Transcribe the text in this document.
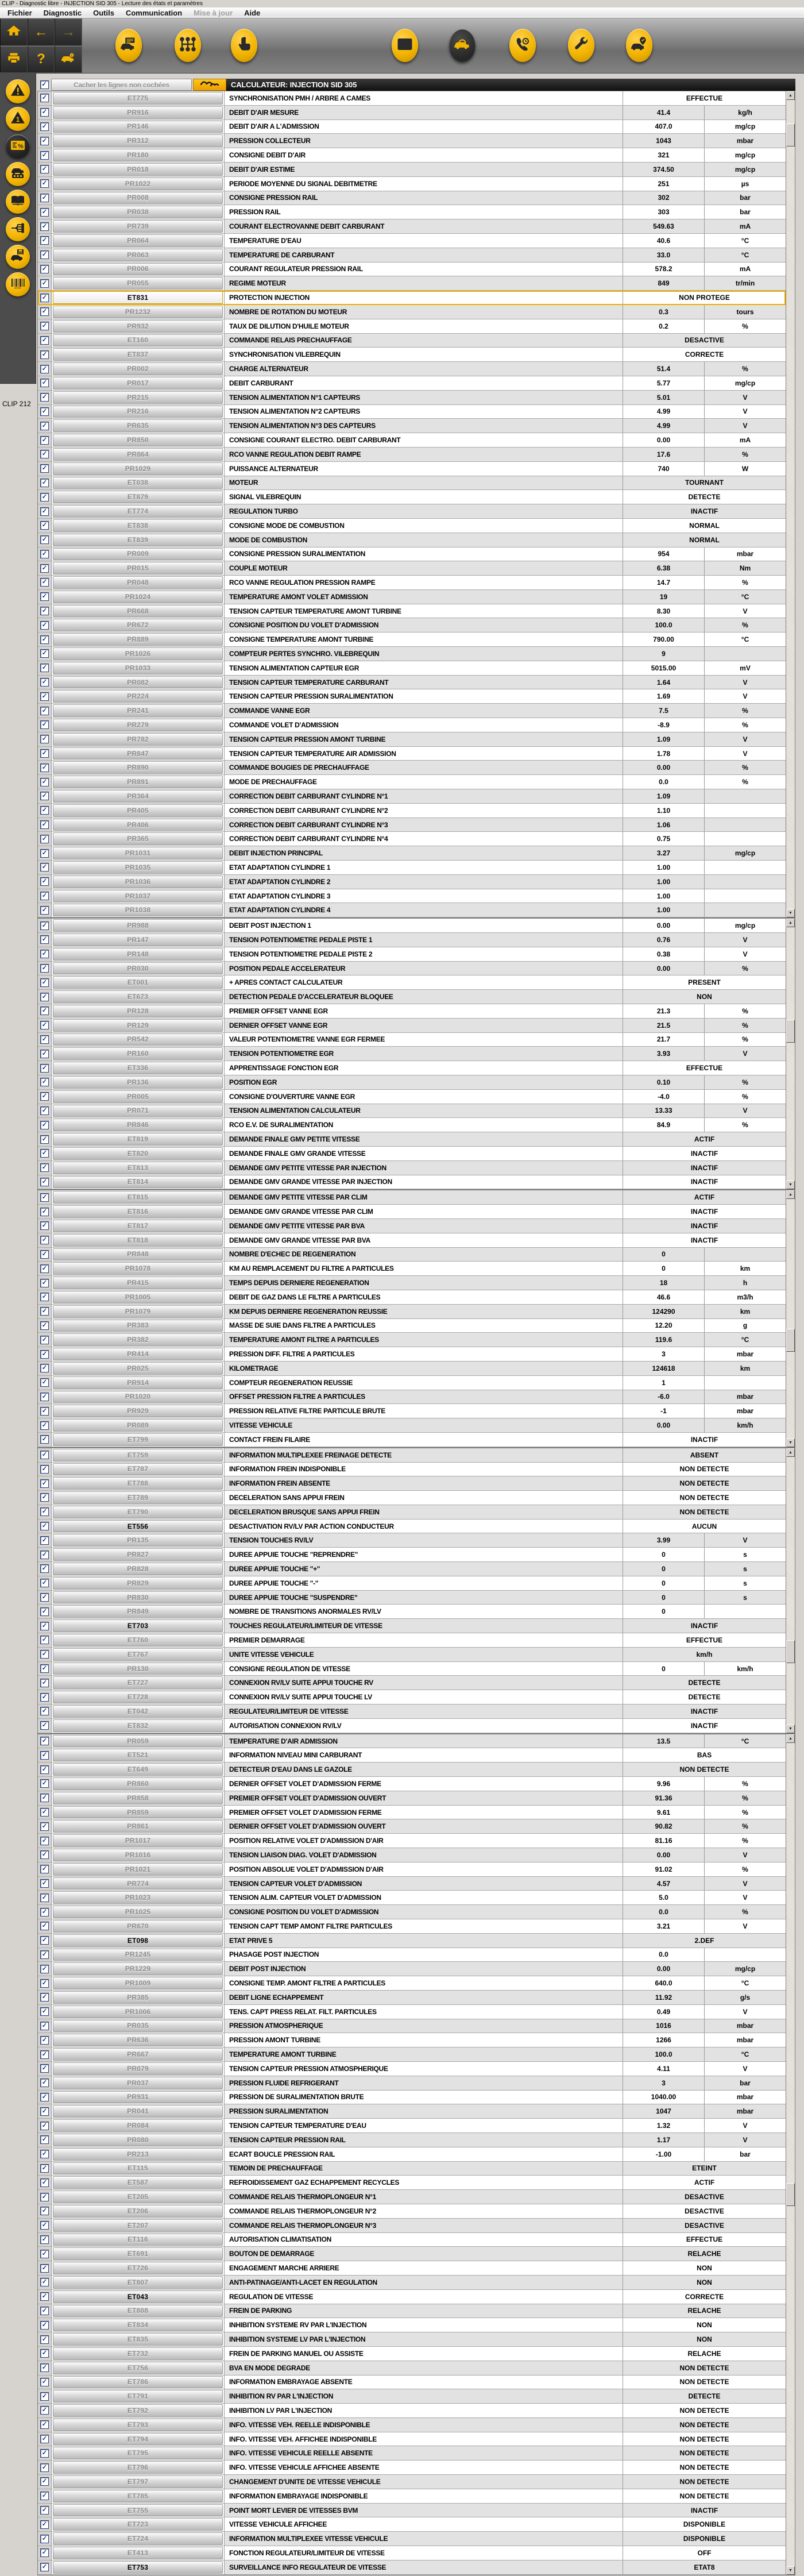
CLIP - Diagnostic libre - INJECTION SID 305 - Lecture des états et paramètres
Fichier	Diagnostic	Outils	Communication	Mise à jour	Aide
← →
?	i
1
%
887682
CLIP 212
✓	Cacher les lignes non cochées	CALCULATEUR: INJECTION SID 305
✓	ET775	SYNCHRONISATION PMH / ARBRE A CAMES	EFFECTUE
✓	PR916	DEBIT D'AIR MESURE	41.4	kg/h
✓	PR146	DEBIT D'AIR A L'ADMISSION	407.0	mg/cp
✓	PR312	PRESSION COLLECTEUR	1043	mbar
✓	PR180	CONSIGNE DEBIT D'AIR	321	mg/cp
✓	PR018	DEBIT D'AIR ESTIME	374.50	mg/cp
✓	PR1022	PERIODE MOYENNE DU SIGNAL DEBITMETRE	251	µs
✓	PR008	CONSIGNE PRESSION RAIL	302	bar
✓	PR038	PRESSION RAIL	303	bar
✓	PR739	COURANT ELECTROVANNE DEBIT CARBURANT	549.63	mA
✓	PR064	TEMPERATURE D'EAU	40.6	°C
✓	PR063	TEMPERATURE DE CARBURANT	33.0	°C
✓	PR006	COURANT REGULATEUR PRESSION RAIL	578.2	mA
✓	PR055	REGIME MOTEUR	849	tr/min
✓	ET831	PROTECTION INJECTION	NON PROTEGE
✓	PR1232	NOMBRE DE ROTATION DU MOTEUR	0.3	tours
✓	PR932	TAUX DE DILUTION D'HUILE MOTEUR	0.2	%
✓	ET160	COMMANDE RELAIS PRECHAUFFAGE	DESACTIVE
✓	ET837	SYNCHRONISATION VILEBREQUIN	CORRECTE
✓	PR002	CHARGE ALTERNATEUR	51.4	%
✓	PR017	DEBIT CARBURANT	5.77	mg/cp
✓	PR215	TENSION ALIMENTATION N°1 CAPTEURS	5.01	V
✓	PR216	TENSION ALIMENTATION N°2 CAPTEURS	4.99	V
✓	PR635	TENSION ALIMENTATION N°3 DES CAPTEURS	4.99	V
✓	PR850	CONSIGNE COURANT ELECTRO. DEBIT CARBURANT	0.00	mA
✓	PR864	RCO VANNE REGULATION DEBIT RAMPE	17.6	%
✓	PR1029	PUISSANCE ALTERNATEUR	740	W
✓	ET038	MOTEUR	TOURNANT
✓	ET879	SIGNAL VILEBREQUIN	DETECTE
✓	ET774	REGULATION TURBO	INACTIF
✓	ET838	CONSIGNE MODE DE COMBUSTION	NORMAL
✓	ET839	MODE DE COMBUSTION	NORMAL
✓	PR009	CONSIGNE PRESSION SURALIMENTATION	954	mbar
✓	PR015	COUPLE MOTEUR	6.38	Nm
✓	PR048	RCO VANNE REGULATION PRESSION RAMPE	14.7	%
✓	PR1024	TEMPERATURE AMONT VOLET ADMISSION	19	°C
✓	PR668	TENSION CAPTEUR TEMPERATURE AMONT TURBINE	8.30	V
✓	PR672	CONSIGNE POSITION DU VOLET D'ADMISSION	100.0	%
✓	PR889	CONSIGNE TEMPERATURE AMONT TURBINE	790.00	°C
✓	PR1026	COMPTEUR PERTES SYNCHRO. VILEBREQUIN	9
✓	PR1033	TENSION ALIMENTATION CAPTEUR EGR	5015.00	mV
✓	PR082	TENSION CAPTEUR TEMPERATURE CARBURANT	1.64	V
✓	PR224	TENSION CAPTEUR PRESSION SURALIMENTATION	1.69	V
✓	PR241	COMMANDE VANNE EGR	7.5	%
✓	PR279	COMMANDE VOLET D'ADMISSION	-8.9	%
✓	PR782	TENSION CAPTEUR PRESSION AMONT TURBINE	1.09	V
✓	PR847	TENSION CAPTEUR TEMPERATURE AIR ADMISSION	1.78	V
✓	PR890	COMMANDE BOUGIES DE PRECHAUFFAGE	0.00	%
✓	PR891	MODE DE PRECHAUFFAGE	0.0	%
✓	PR364	CORRECTION DEBIT CARBURANT CYLINDRE N°1	1.09
✓	PR405	CORRECTION DEBIT CARBURANT CYLINDRE N°2	1.10
✓	PR406	CORRECTION DEBIT CARBURANT CYLINDRE N°3	1.06
✓	PR365	CORRECTION DEBIT CARBURANT CYLINDRE N°4	0.75
✓	PR1031	DEBIT INJECTION PRINCIPAL	3.27	mg/cp
✓	PR1035	ETAT ADAPTATION CYLINDRE 1	1.00
✓	PR1036	ETAT ADAPTATION CYLINDRE 2	1.00
✓	PR1037	ETAT ADAPTATION CYLINDRE 3	1.00
✓	PR1038	ETAT ADAPTATION CYLINDRE 4	1.00
▲
▼
✓	PR988	DEBIT POST INJECTION 1	0.00	mg/cp
✓	PR147	TENSION POTENTIOMETRE PEDALE PISTE 1	0.76	V
✓	PR148	TENSION POTENTIOMETRE PEDALE PISTE 2	0.38	V
✓	PR030	POSITION PEDALE ACCELERATEUR	0.00	%
✓	ET001	+ APRES CONTACT CALCULATEUR	PRESENT
✓	ET673	DETECTION PEDALE D'ACCELERATEUR BLOQUEE	NON
✓	PR128	PREMIER OFFSET VANNE EGR	21.3	%
✓	PR129	DERNIER OFFSET VANNE EGR	21.5	%
✓	PR542	VALEUR POTENTIOMETRE VANNE EGR FERMEE	21.7	%
✓	PR160	TENSION POTENTIOMETRE EGR	3.93	V
✓	ET336	APPRENTISSAGE FONCTION EGR	EFFECTUE
✓	PR136	POSITION EGR	0.10	%
✓	PR005	CONSIGNE D'OUVERTURE VANNE EGR	-4.0	%
✓	PR071	TENSION ALIMENTATION CALCULATEUR	13.33	V
✓	PR846	RCO E.V. DE SURALIMENTATION	84.9	%
✓	ET819	DEMANDE FINALE GMV PETITE VITESSE	ACTIF
✓	ET820	DEMANDE FINALE GMV GRANDE VITESSE	INACTIF
✓	ET813	DEMANDE GMV PETITE VITESSE PAR INJECTION	INACTIF
✓	ET814	DEMANDE GMV GRANDE VITESSE PAR INJECTION	INACTIF
▲
▼
✓	ET815	DEMANDE GMV PETITE VITESSE PAR CLIM	ACTIF
✓	ET816	DEMANDE GMV GRANDE VITESSE PAR CLIM	INACTIF
✓	ET817	DEMANDE GMV PETITE VITESSE PAR BVA	INACTIF
✓	ET818	DEMANDE GMV GRANDE VITESSE PAR BVA	INACTIF
✓	PR848	NOMBRE D'ECHEC DE REGENERATION	0
✓	PR1078	KM AU REMPLACEMENT DU FILTRE A PARTICULES	0	km
✓	PR415	TEMPS DEPUIS DERNIERE REGENERATION	18	h
✓	PR1005	DEBIT DE GAZ DANS LE FILTRE A PARTICULES	46.6	m3/h
✓	PR1079	KM DEPUIS DERNIERE REGENERATION REUSSIE	124290	km
✓	PR383	MASSE DE SUIE DANS FILTRE A PARTICULES	12.20	g
✓	PR382	TEMPERATURE AMONT FILTRE A PARTICULES	119.6	°C
✓	PR414	PRESSION DIFF. FILTRE A PARTICULES	3	mbar
✓	PR025	KILOMETRAGE	124618	km
✓	PR914	COMPTEUR REGENERATION REUSSIE	1
✓	PR1020	OFFSET PRESSION FILTRE A PARTICULES	-6.0	mbar
✓	PR929	PRESSION RELATIVE FILTRE PARTICULE BRUTE	-1	mbar
✓	PR089	VITESSE VEHICULE	0.00	km/h
✓	ET799	CONTACT FREIN FILAIRE	INACTIF
▲
▼
✓	ET759	INFORMATION MULTIPLEXEE FREINAGE DETECTE	ABSENT
✓	ET787	INFORMATION FREIN INDISPONIBLE	NON DETECTE
✓	ET788	INFORMATION FREIN ABSENTE	NON DETECTE
✓	ET789	DECELERATION SANS APPUI FREIN	NON DETECTE
✓	ET790	DECELERATION BRUSQUE SANS APPUI FREIN	NON DETECTE
✓	ET556	DESACTIVATION RV/LV PAR ACTION CONDUCTEUR	AUCUN
✓	PR135	TENSION TOUCHES RV/LV	3.99	V
✓	PR827	DUREE APPUIE TOUCHE "REPRENDRE"	0	s
✓	PR828	DUREE APPUIE TOUCHE "+"	0	s
✓	PR829	DUREE APPUIE TOUCHE "-"	0	s
✓	PR830	DUREE APPUIE TOUCHE "SUSPENDRE"	0	s
✓	PR849	NOMBRE DE TRANSITIONS ANORMALES RV/LV	0
✓	ET703	TOUCHES REGULATEUR/LIMITEUR DE VITESSE	INACTIF
✓	ET760	PREMIER DEMARRAGE	EFFECTUE
✓	ET767	UNITE VITESSE VEHICULE	km/h
✓	PR130	CONSIGNE REGULATION DE VITESSE	0	km/h
✓	ET727	CONNEXION RV/LV SUITE APPUI TOUCHE RV	DETECTE
✓	ET728	CONNEXION RV/LV SUITE APPUI TOUCHE LV	DETECTE
✓	ET042	REGULATEUR/LIMITEUR DE VITESSE	INACTIF
✓	ET832	AUTORISATION CONNEXION RV/LV	INACTIF
▲
▼
✓	PR059	TEMPERATURE D'AIR ADMISSION	13.5	°C
✓	ET521	INFORMATION NIVEAU MINI CARBURANT	BAS
✓	ET649	DETECTEUR D'EAU DANS LE GAZOLE	NON DETECTE
✓	PR860	DERNIER OFFSET VOLET D'ADMISSION FERME	9.96	%
✓	PR858	PREMIER OFFSET VOLET D'ADMISSION OUVERT	91.36	%
✓	PR859	PREMIER OFFSET VOLET D'ADMISSION FERME	9.61	%
✓	PR861	DERNIER OFFSET VOLET D'ADMISSION OUVERT	90.82	%
✓	PR1017	POSITION RELATIVE VOLET D'ADMISSION D'AIR	81.16	%
✓	PR1016	TENSION LIAISON DIAG. VOLET D'ADMISSION	0.00	V
✓	PR1021	POSITION ABSOLUE VOLET D'ADMISSION D'AIR	91.02	%
✓	PR774	TENSION CAPTEUR VOLET D'ADMISSION	4.57	V
✓	PR1023	TENSION ALIM. CAPTEUR VOLET D'ADMISSION	5.0	V
✓	PR1025	CONSIGNE POSITION DU VOLET D'ADMISSION	0.0	%
✓	PR670	TENSION CAPT TEMP AMONT FILTRE PARTICULES	3.21	V
✓	ET098	ETAT PRIVE 5	2.DEF
✓	PR1245	PHASAGE POST INJECTION	0.0
✓	PR1229	DEBIT POST INJECTION	0.00	mg/cp
✓	PR1009	CONSIGNE TEMP. AMONT FILTRE A PARTICULES	640.0	°C
✓	PR385	DEBIT LIGNE ECHAPPEMENT	11.92	g/s
✓	PR1006	TENS. CAPT PRESS RELAT. FILT. PARTICULES	0.49	V
✓	PR035	PRESSION ATMOSPHERIQUE	1016	mbar
✓	PR636	PRESSION AMONT TURBINE	1266	mbar
✓	PR667	TEMPERATURE AMONT TURBINE	100.0	°C
✓	PR079	TENSION CAPTEUR PRESSION ATMOSPHERIQUE	4.11	V
✓	PR037	PRESSION FLUIDE REFRIGERANT	3	bar
✓	PR931	PRESSION DE SURALIMENTATION BRUTE	1040.00	mbar
✓	PR041	PRESSION SURALIMENTATION	1047	mbar
✓	PR084	TENSION CAPTEUR TEMPERATURE D'EAU	1.32	V
✓	PR080	TENSION CAPTEUR PRESSION RAIL	1.17	V
✓	PR213	ECART BOUCLE PRESSION RAIL	-1.00	bar
✓	ET115	TEMOIN DE PRECHAUFFAGE	ETEINT
✓	ET587	REFROIDISSEMENT GAZ ECHAPPEMENT RECYCLES	ACTIF
✓	ET205	COMMANDE RELAIS THERMOPLONGEUR N°1	DESACTIVE
✓	ET206	COMMANDE RELAIS THERMOPLONGEUR N°2	DESACTIVE
✓	ET207	COMMANDE RELAIS THERMOPLONGEUR N°3	DESACTIVE
✓	ET116	AUTORISATION CLIMATISATION	EFFECTUE
✓	ET691	BOUTON DE DEMARRAGE	RELACHE
✓	ET726	ENGAGEMENT MARCHE ARRIERE	NON
✓	ET807	ANTI-PATINAGE/ANTI-LACET EN REGULATION	NON
✓	ET043	REGULATION DE VITESSE	CORRECTE
✓	ET808	FREIN DE PARKING	RELACHE
✓	ET834	INHIBITION SYSTEME RV PAR L'INJECTION	NON
✓	ET835	INHIBITION SYSTEME LV PAR L'INJECTION	NON
✓	ET732	FREIN DE PARKING MANUEL OU ASSISTE	RELACHE
✓	ET756	BVA EN MODE DEGRADE	NON DETECTE
✓	ET786	INFORMATION EMBRAYAGE ABSENTE	NON DETECTE
✓	ET791	INHIBITION RV PAR L'INJECTION	DETECTE
✓	ET792	INHIBITION LV PAR L'INJECTION	NON DETECTE
✓	ET793	INFO. VITESSE VEH. REELLE INDISPONIBLE	NON DETECTE
✓	ET794	INFO. VITESSE VEH. AFFICHEE INDISPONIBLE	NON DETECTE
✓	ET795	INFO. VITESSE VEHICULE REELLE ABSENTE	NON DETECTE
✓	ET796	INFO. VITESSE VEHICULE AFFICHEE ABSENTE	NON DETECTE
✓	ET797	CHANGEMENT D'UNITE DE VITESSE VEHICULE	NON DETECTE
✓	ET785	INFORMATION EMBRAYAGE INDISPONIBLE	NON DETECTE
✓	ET755	POINT MORT LEVIER DE VITESSES BVM	INACTIF
✓	ET723	VITESSE VEHICULE AFFICHEE	DISPONIBLE
✓	ET724	INFORMATION MULTIPLEXEE VITESSE VEHICULE	DISPONIBLE
✓	ET413	FONCTION REGULATEUR/LIMITEUR DE VITESSE	OFF
✓	ET753	SURVEILLANCE INFO REGULATEUR DE VITESSE	ETAT8
▲
▼
